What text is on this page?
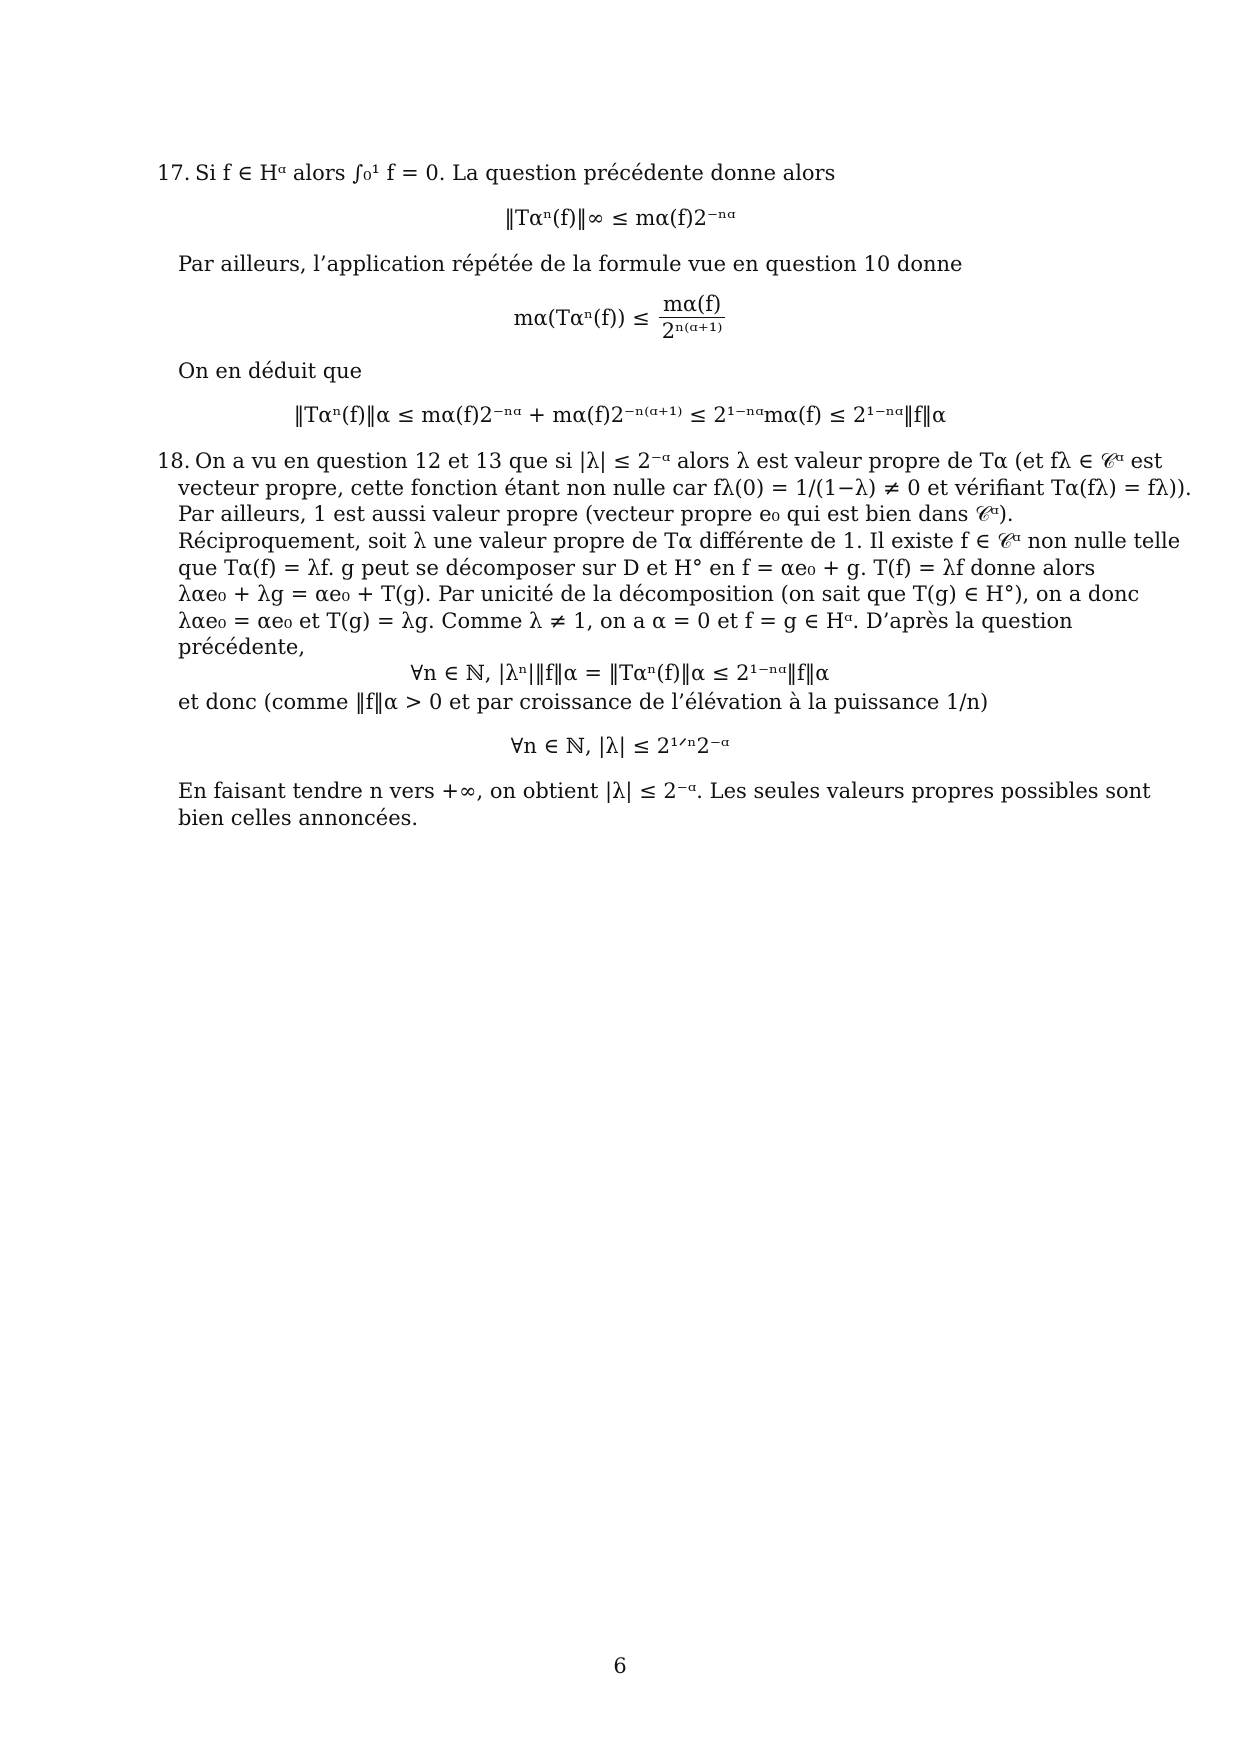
17. Si f ∈ Hᵅ alors ∫₀¹ f = 0. La question précédente donne alors
‖Tαⁿ(f)‖∞ ≤ mα(f)2⁻ⁿᵅ
Par ailleurs, l’application répétée de la formule vue en question 10 donne
$m\alpha(T\alpha^n(f)) \le \frac{m\alpha(f)}{\text{2ⁿ⁽ᵅ⁺¹⁾}}$
On en déduit que
‖Tαⁿ(f)‖α ≤ mα(f)2⁻ⁿᵅ + mα(f)2⁻ⁿ⁽ᵅ⁺¹⁾ ≤ 2¹⁻ⁿᵅmα(f) ≤ 2¹⁻ⁿᵅ‖f‖α
18. On a vu en question 12 et 13 que si |λ| ≤ 2⁻ᵅ alors λ est valeur propre de Tα (et fλ ∈ 𝒞ᵅ est
vecteur propre, cette fonction étant non nulle car fλ(0) = 1/(1−λ) ≠ 0 et vérifiant Tα(fλ) = fλ)).
Par ailleurs, 1 est aussi valeur propre (vecteur propre e₀ qui est bien dans 𝒞ᵅ).
Réciproquement, soit λ une valeur propre de Tα différente de 1. Il existe f ∈ 𝒞ᵅ non nulle telle
que Tα(f) = λf. g peut se décomposer sur D et H° en f = αe₀ + g. T(f) = λf donne alors
λαe₀ + λg = αe₀ + T(g). Par unicité de la décomposition (on sait que T(g) ∈ H°), on a donc
λαe₀ = αe₀ et T(g) = λg. Comme λ ≠ 1, on a α = 0 et f = g ∈ Hᵅ. D’après la question
précédente,
∀n ∈ ℕ, |λⁿ|‖f‖α = ‖Tαⁿ(f)‖α ≤ 2¹⁻ⁿᵅ‖f‖α
et donc (comme ‖f‖α > 0 et par croissance de l’élévation à la puissance 1/n)
∀n ∈ ℕ, |λ| ≤ 2¹ᐟⁿ2⁻ᵅ
En faisant tendre n vers +∞, on obtient |λ| ≤ 2⁻ᵅ. Les seules valeurs propres possibles sont
bien celles annoncées.
6
